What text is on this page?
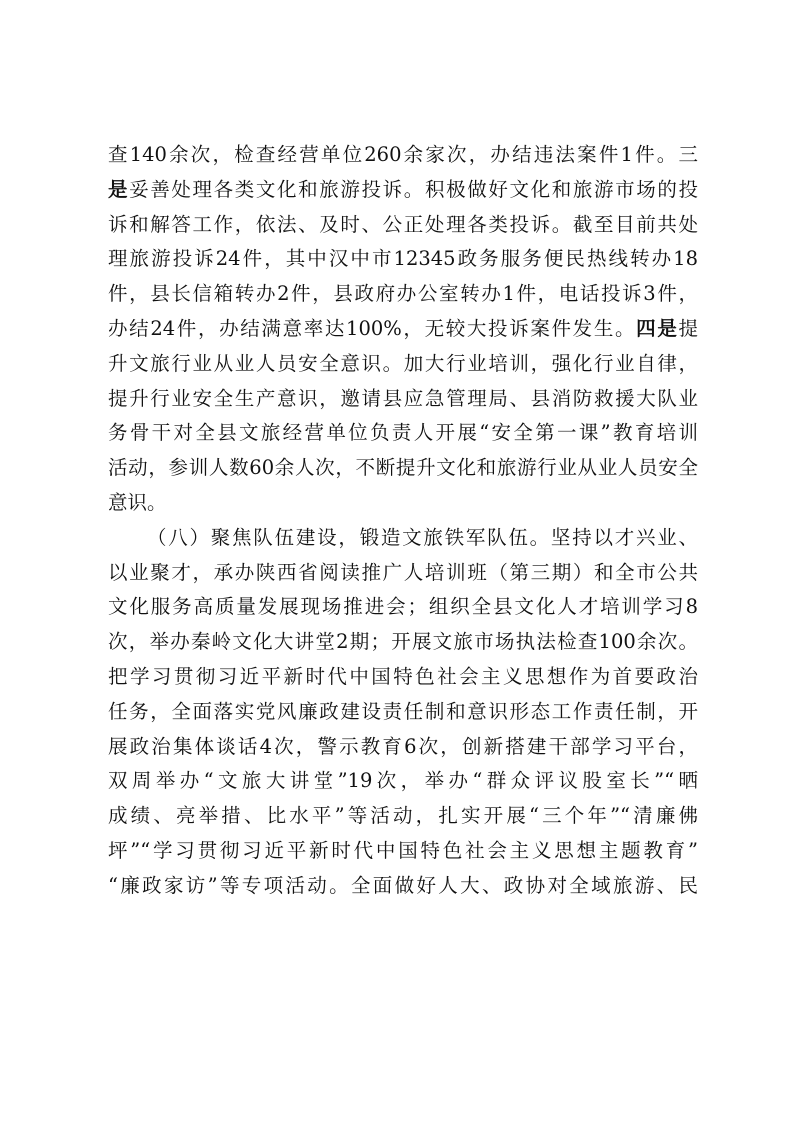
查140余次，检查经营单位260余家次，办结违法案件1件。三
是妥善处理各类文化和旅游投诉。积极做好文化和旅游市场的投
诉和解答工作，依法、及时、公正处理各类投诉。截至目前共处
理旅游投诉24件，其中汉中市12345政务服务便民热线转办18
件，县长信箱转办2件，县政府办公室转办1件，电话投诉3件，
办结24件，办结满意率达100%，无较大投诉案件发生。四是提
升文旅行业从业人员安全意识。加大行业培训，强化行业自律，
提升行业安全生产意识，邀请县应急管理局、县消防救援大队业
务骨干对全县文旅经营单位负责人开展“安全第一课”教育培训
活动，参训人数60余人次，不断提升文化和旅游行业从业人员安全
意识。
（八）聚焦队伍建设，锻造文旅铁军队伍。坚持以才兴业、
以业聚才，承办陕西省阅读推广人培训班（第三期）和全市公共
文化服务高质量发展现场推进会；组织全县文化人才培训学习8
次，举办秦岭文化大讲堂2期；开展文旅市场执法检查100余次。
把学习贯彻习近平新时代中国特色社会主义思想作为首要政治
任务，全面落实党风廉政建设责任制和意识形态工作责任制，开
展政治集体谈话4次，警示教育6次，创新搭建干部学习平台，
双周举办“文旅大讲堂”19次，举办“群众评议股室长”“晒
成绩、亮举措、比水平”等活动，扎实开展“三个年”“清廉佛
坪”“学习贯彻习近平新时代中国特色社会主义思想主题教育”
“廉政家访”等专项活动。全面做好人大、政协对全域旅游、民
